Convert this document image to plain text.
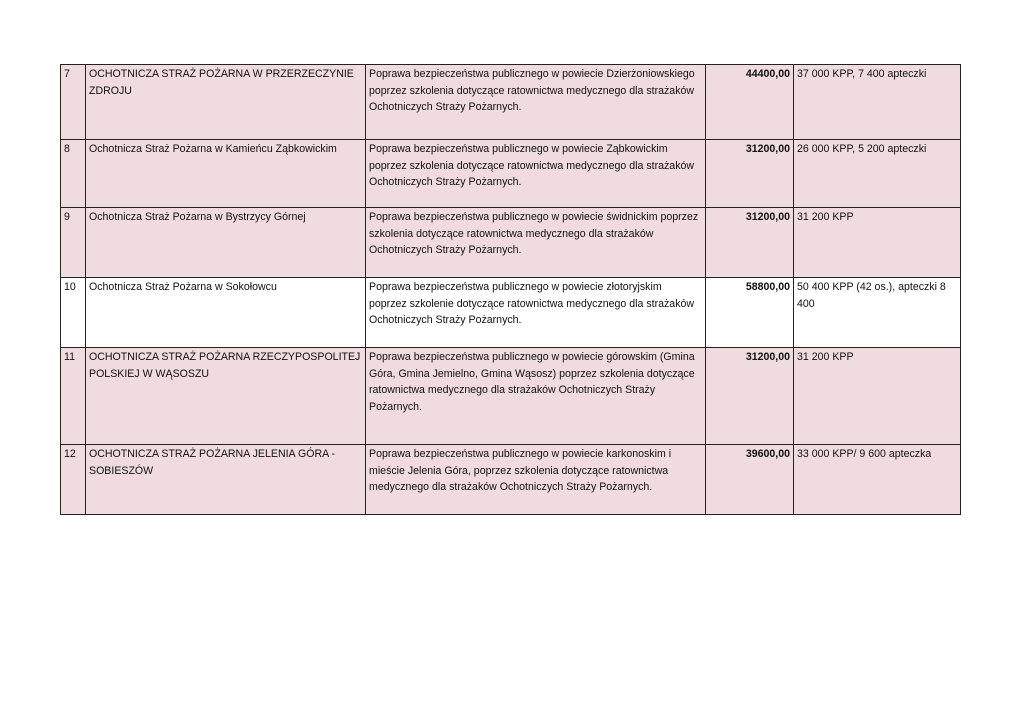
7	OCHOTNICZA STRAŻ POŻARNA W PRZERZECZYNIE ZDROJU	Poprawa bezpieczeństwa publicznego w powiecie Dzierżoniowskiego poprzez szkolenia dotyczące ratownictwa medycznego dla strażaków Ochotniczych Straży Pożarnych.	44400,00	37 000 KPP, 7 400 apteczki
8	Ochotnicza Straż Pożarna w Kamieńcu Ząbkowickim	Poprawa bezpieczeństwa publicznego w powiecie Ząbkowickim poprzez szkolenia dotyczące ratownictwa medycznego dla strażaków Ochotniczych Straży Pożarnych.	31200,00	26 000 KPP, 5 200 apteczki
9	Ochotnicza Straż Pożarna w Bystrzycy Górnej	Poprawa bezpieczeństwa publicznego w powiecie świdnickim poprzez szkolenia dotyczące ratownictwa medycznego dla strażaków Ochotniczych Straży Pożarnych.	31200,00	31 200 KPP
10	Ochotnicza Straż Pożarna w Sokołowcu	Poprawa bezpieczeństwa publicznego w powiecie złotoryjskim poprzez szkolenie dotyczące ratownictwa medycznego dla strażaków Ochotniczych Straży Pożarnych.	58800,00	50 400 KPP (42 os.), apteczki 8 400
11	OCHOTNICZA STRAŻ POŻARNA RZECZYPOSPOLITEJ POLSKIEJ W WĄSOSZU	Poprawa bezpieczeństwa publicznego w powiecie górowskim (Gmina Góra, Gmina Jemielno, Gmina Wąsosz) poprzez szkolenia dotyczące ratownictwa medycznego dla strażaków Ochotniczych Straży Pożarnych.	31200,00	31 200 KPP
12	OCHOTNICZA STRAŻ POŻARNA JELENIA GÓRA - SOBIESZÓW	Poprawa bezpieczeństwa publicznego w powiecie karkonoskim i mieście Jelenia Góra, poprzez szkolenia dotyczące ratownictwa medycznego dla strażaków Ochotniczych Straży Pożarnych.	39600,00	33 000 KPP/ 9 600 apteczka
